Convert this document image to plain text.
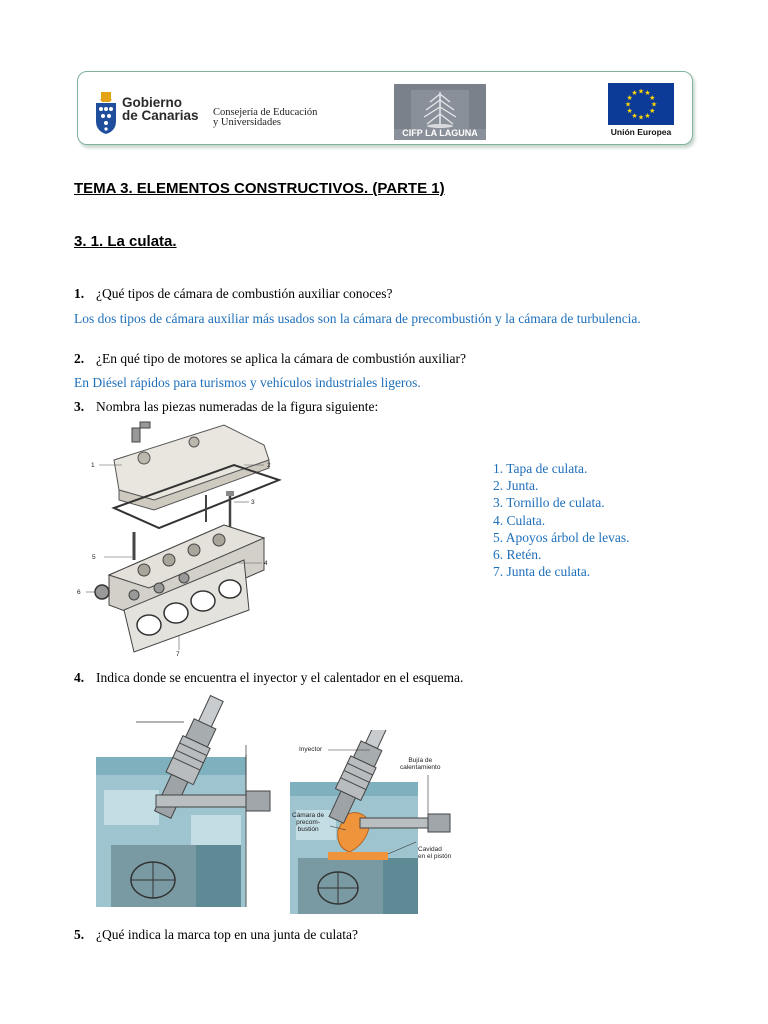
Gobierno
de Canarias Consejería de Educación
y Universidades
CIFP LA LAGUNA
★ ★
★
★
★
★
★
★
★
★
★
★
Unión Europea
TEMA 3. ELEMENTOS CONSTRUCTIVOS. (PARTE 1)
3. 1. La culata.
1. ¿Qué tipos de cámara de combustión auxiliar conoces?
Los dos tipos de cámara auxiliar más usados son la cámara de precombustión y la cámara de turbulencia.
2. ¿En qué tipo de motores se aplica la cámara de combustión auxiliar?
En Diésel rápidos para turismos y vehículos industriales ligeros.
3. Nombra las piezas numeradas de la figura siguiente:
1	2
3
4
5
6
7
1. Tapa de culata.
2. Junta.
3. Tornillo de culata.
4. Culata.
5. Apoyos árbol de levas.
6. Retén.
7. Junta de culata.
4. Indica donde se encuentra el inyector y el calentador en el esquema.
Inyector
Bujía de
calentamiento
Cámara de
precom-
bustión
Cavidad
en el pistón
5. ¿Qué indica la marca top en una junta de culata?
